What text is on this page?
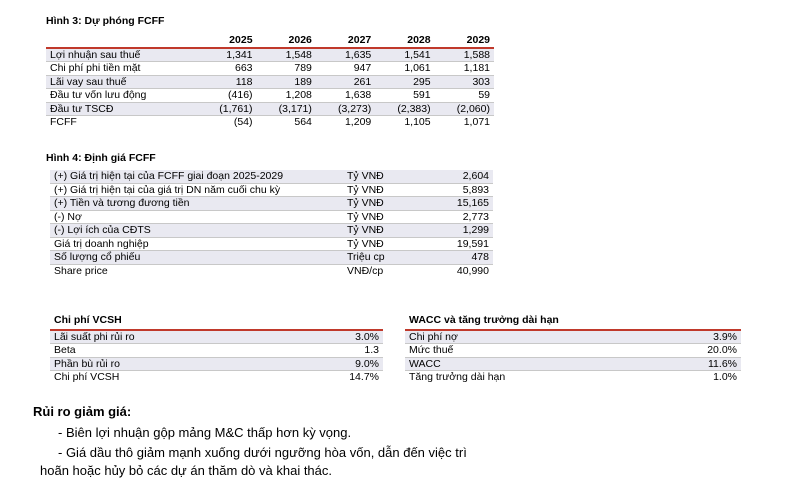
Hình 3: Dự phóng FCFF
	2025	2026	2027	2028	2029
Lợi nhuận sau thuế	1,341	1,548	1,635	1,541	1,588
Chi phí phi tiền mặt	663	789	947	1,061	1,181
Lãi vay sau thuế	118	189	261	295	303
Đầu tư vốn lưu động	(416)	1,208	1,638	591	59
Đầu tư TSCĐ	(1,761)	(3,171)	(3,273)	(2,383)	(2,060)
FCFF	(54)	564	1,209	1,105	1,071
Hình 4: Định giá FCFF
(+) Giá trị hiện tại của FCFF giai đoạn 2025-2029	Tỷ VNĐ	2,604
(+) Giá trị hiện tại của giá trị DN năm cuối chu kỳ	Tỷ VNĐ	5,893
(+) Tiền và tương đương tiền	Tỷ VNĐ	15,165
(-) Nợ	Tỷ VNĐ	2,773
(-) Lợi ích của CĐTS	Tỷ VNĐ	1,299
Giá trị doanh nghiệp	Tỷ VNĐ	19,591
Số lượng cổ phiếu	Triệu cp	478
Share price	VNĐ/cp	40,990
Chi phí VCSH	
Lãi suất phi rủi ro	3.0%
Beta	1.3
Phần bù rủi ro	9.0%
Chi phí VCSH	14.7%
WACC và tăng trưởng dài hạn	
Chi phí nợ	3.9%
Mức thuế	20.0%
WACC	11.6%
Tăng trưởng dài hạn	1.0%
Rủi ro giảm giá:
- Biên lợi nhuận gộp mảng M&C thấp hơn kỳ vọng.
- Giá dầu thô giảm mạnh xuống dưới ngưỡng hòa vốn, dẫn đến việc trì
hoãn hoặc hủy bỏ các dự án thăm dò và khai thác.
